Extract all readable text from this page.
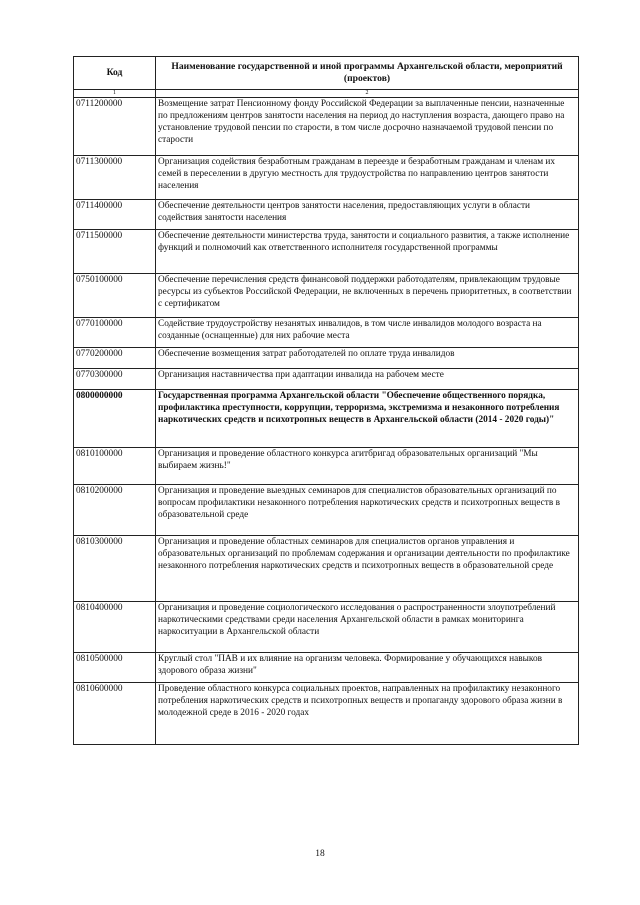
Код	Наименование государственной и иной программы Архангельской области, мероприятий (проектов)
1	2
0711200000	Возмещение затрат Пенсионному фонду Российской Федерации за выплаченные пенсии, назначенные по предложениям центров занятости населения на период до наступления возраста, дающего право на установление трудовой пенсии по старости, в том числе досрочно назначаемой трудовой пенсии по старости
0711300000	Организация содействия безработным гражданам в переезде и безработным гражданам и членам их семей в переселении в другую местность для трудоустройства по направлению центров занятости населения
0711400000	Обеспечение деятельности центров занятости населения, предоставляющих услуги в области содействия занятости населения
0711500000	Обеспечение деятельности министерства труда, занятости и социального развития, а также исполнение функций и полномочий как ответственного исполнителя государственной программы
0750100000	Обеспечение перечисления средств финансовой поддержки работодателям, привлекающим трудовые ресурсы из субъектов Российской Федерации, не включенных в перечень приоритетных, в соответствии с сертификатом
0770100000	Содействие трудоустройству незанятых инвалидов, в том числе инвалидов молодого возраста на созданные (оснащенные) для них рабочие места
0770200000	Обеспечение возмещения затрат работодателей по оплате труда инвалидов
0770300000	Организация наставничества при адаптации инвалида на рабочем месте
0800000000	Государственная программа Архангельской области "Обеспечение общественного порядка, профилактика преступности, коррупции, терроризма, экстремизма и незаконного потребления наркотических средств и психотропных веществ в Архангельской области (2014 - 2020 годы)"
0810100000	Организация и проведение областного конкурса агитбригад образовательных организаций "Мы выбираем жизнь!"
0810200000	Организация и проведение выездных семинаров для специалистов образовательных организаций по вопросам профилактики незаконного потребления наркотических средств и психотропных веществ в образовательной среде
0810300000	Организация и проведение областных семинаров для специалистов органов управления и образовательных организаций по проблемам содержания и организации деятельности по профилактике незаконного потребления наркотических средств и психотропных веществ в образовательной среде
0810400000	Организация и проведение социологического исследования о распространенности злоупотреблений наркотическими средствами среди населения Архангельской области в рамках мониторинга наркоситуации в Архангельской области
0810500000	Круглый стол "ПАВ и их влияние на организм человека. Формирование у обучающихся навыков здорового образа жизни"
0810600000	Проведение областного конкурса социальных проектов, направленных на профилактику незаконного потребления наркотических средств и психотропных веществ и пропаганду здорового образа жизни в молодежной среде в 2016 - 2020 годах
18
